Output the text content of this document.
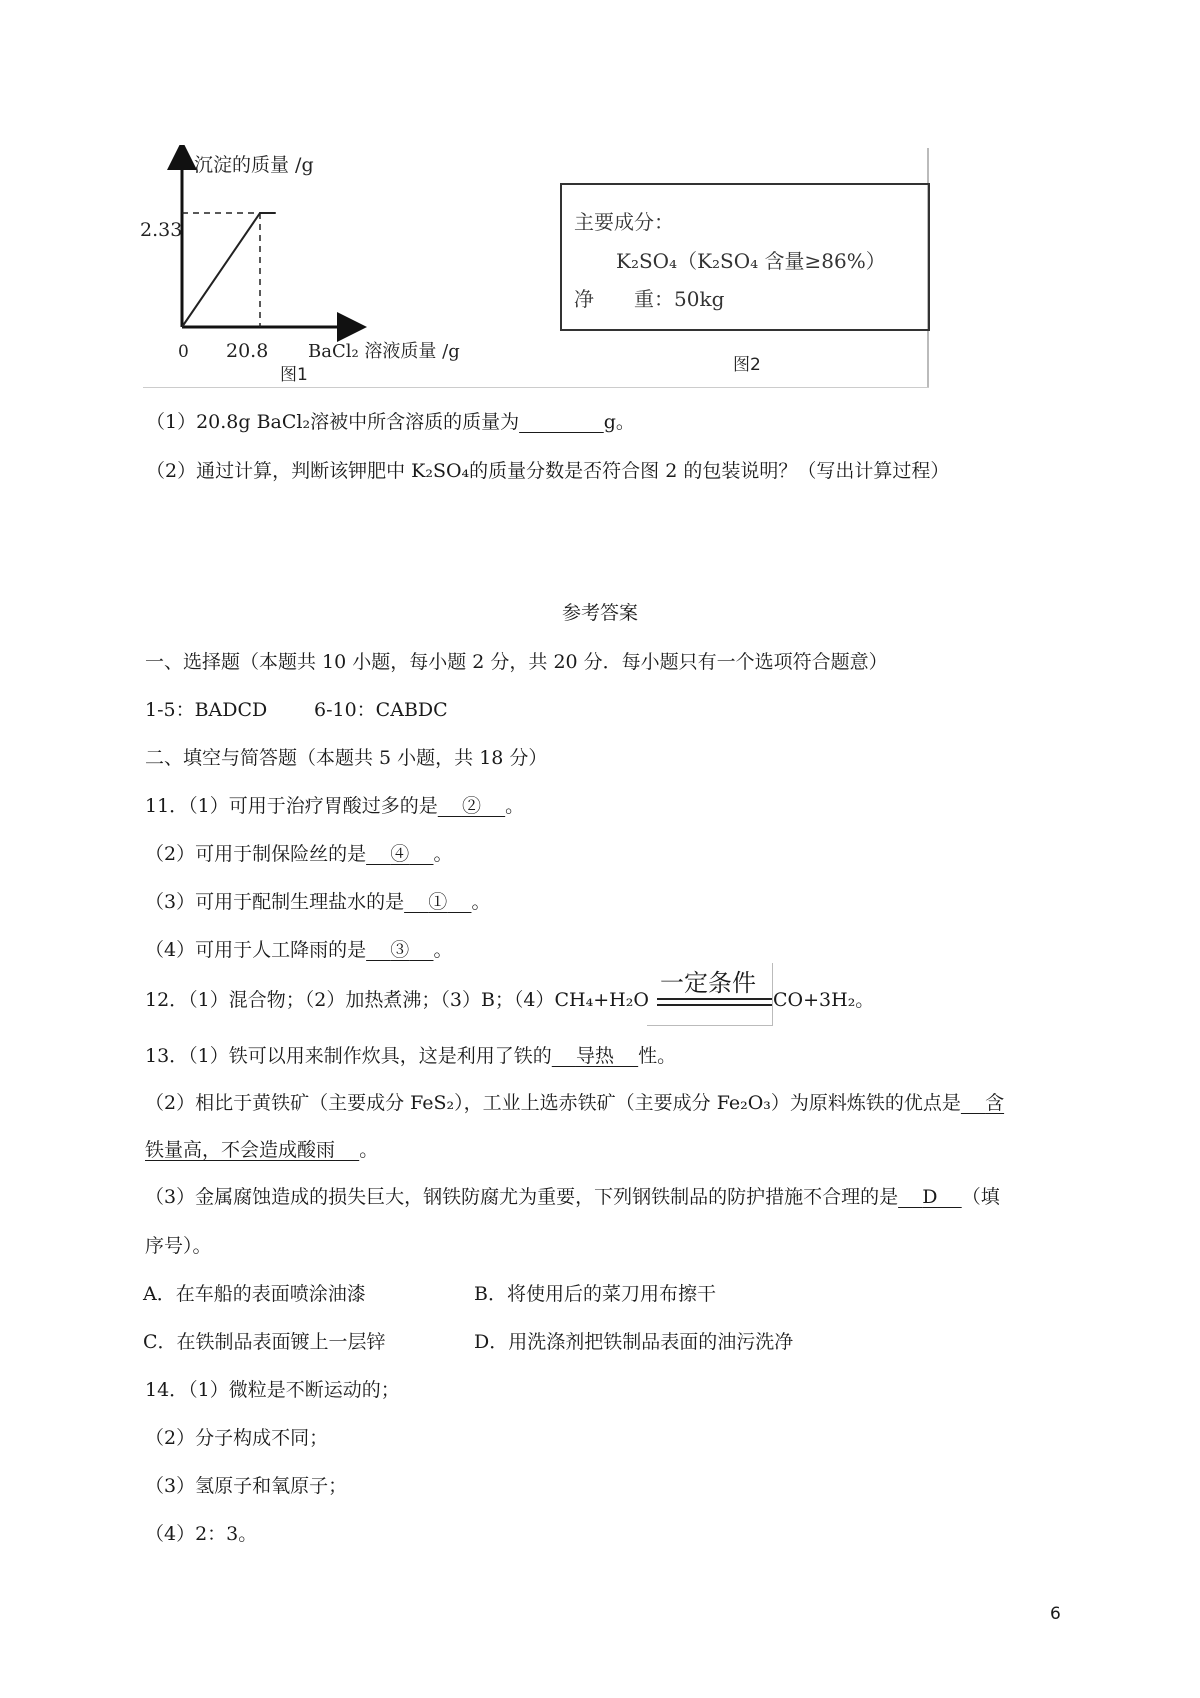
沉淀的质量 /g
2.33
0 20.8 BaCl₂ 溶液质量 /g
图1
主要成分：
K₂SO₄（K₂SO₄ 含量≥86%）
净　　重：50kg
图2
（1）20.8g BaCl₂溶被中所含溶质的质量为       	g。
（2）通过计算，判断该钾肥中 K₂SO₄的质量分数是否符合图 2 的包装说明？（写出计算过程）
参考答案
一、选择题（本题共 10 小题，每小题 2 分，共 20 分．每小题只有一个选项符合题意）
1-5：BADCD 6-10：CABDC
二、填空与简答题（本题共 5 小题，共 18 分）
11．（1）可用于治疗胃酸过多的是   ②   。
（2）可用于制保险丝的是   ④   。
（3）可用于配制生理盐水的是   ①   。
（4）可用于人工降雨的是   ③   。
一定条件
12．（1）混合物；（2）加热煮沸；（3）B；（4）CH₄+H₂O	CO+3H₂。
13．（1）铁可以用来制作炊具，这是利用了铁的   导热   性。
（2）相比于黄铁矿（主要成分 FeS₂），工业上选赤铁矿（主要成分 Fe₂O₃）为原料炼铁的优点是   含
铁量高，不会造成酸雨   。
（3）金属腐蚀造成的损失巨大，钢铁防腐尤为重要，下列钢铁制品的防护措施不合理的是   D   （填
序号）。
A．在车船的表面喷涂油漆	B．将使用后的菜刀用布擦干
C．在铁制品表面镀上一层锌	D．用洗涤剂把铁制品表面的油污洗净
14．（1）微粒是不断运动的；
（2）分子构成不同；
（3）氢原子和氧原子；
（4）2：3。
6
